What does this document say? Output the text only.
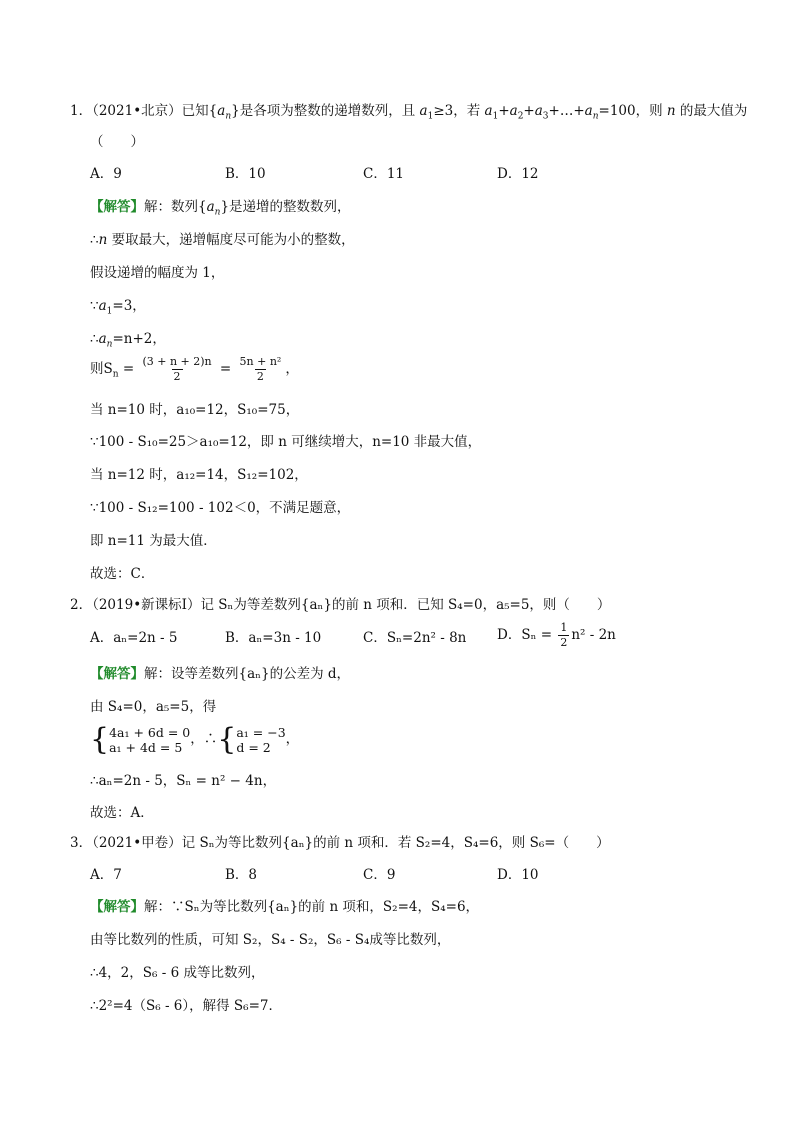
1．（2021•北京）已知$\{a_n\}$是各项为整数的递增数列，且 $a_1\ge 3$，若 $a_1+a_2+a_3+\dots+a_n=100$，则 n 的最大值为
（　　）
A．9	B．10	C．11	D．12
【解答】解：数列$\{a_n\}$是递增的整数数列，
∴n 要取最大，递增幅度尽可能为小的整数，
假设递增的幅度为 1，
$\because a_1=3$，
$\therefore a_n=n+2$，
则$S_n = \frac{(3 + n + 2)n}{2} = \frac{\text{5n + n²}}{2}$ ，
当 n=10 时，a₁₀=12，S₁₀=75，
∵100 - S₁₀=25＞a₁₀=12，即 n 可继续增大，n=10 非最大值，
当 n=12 时，a₁₂=14，S₁₂=102，
∵100 - S₁₂=100 - 102＜0，不满足题意，
即 n=11 为最大值．
故选：C．
2．（2019•新课标Ⅰ）记 Sₙ为等差数列{aₙ}的前 n 项和．已知 S₄=0，a₅=5，则（　　）
A．aₙ=2n - 5	B．aₙ=3n - 10	C．Sₙ=2n² - 8n D．$S_n = \frac{1}{2} n^2 - 2n$
【解答】解：设等差数列{aₙ}的公差为 d，
由 S₄=0，a₅=5，得
{4a₁ + 6d = 0
a₁ + 4d = 5，∴{a₁ = −3
d = 2，
∴aₙ=2n - 5，Sₙ = n² − 4n，
故选：A．
3．（2021•甲卷）记 Sₙ为等比数列{aₙ}的前 n 项和．若 S₂=4，S₄=6，则 S₆=（　　）
A．7	B．8	C．9	D．10
【解答】解：∵Sₙ为等比数列{aₙ}的前 n 项和，S₂=4，S₄=6，
由等比数列的性质，可知 S₂，S₄ - S₂，S₆ - S₄成等比数列，
∴4，2，S₆ - 6 成等比数列，
∴2²=4（S₆ - 6），解得 S₆=7．
